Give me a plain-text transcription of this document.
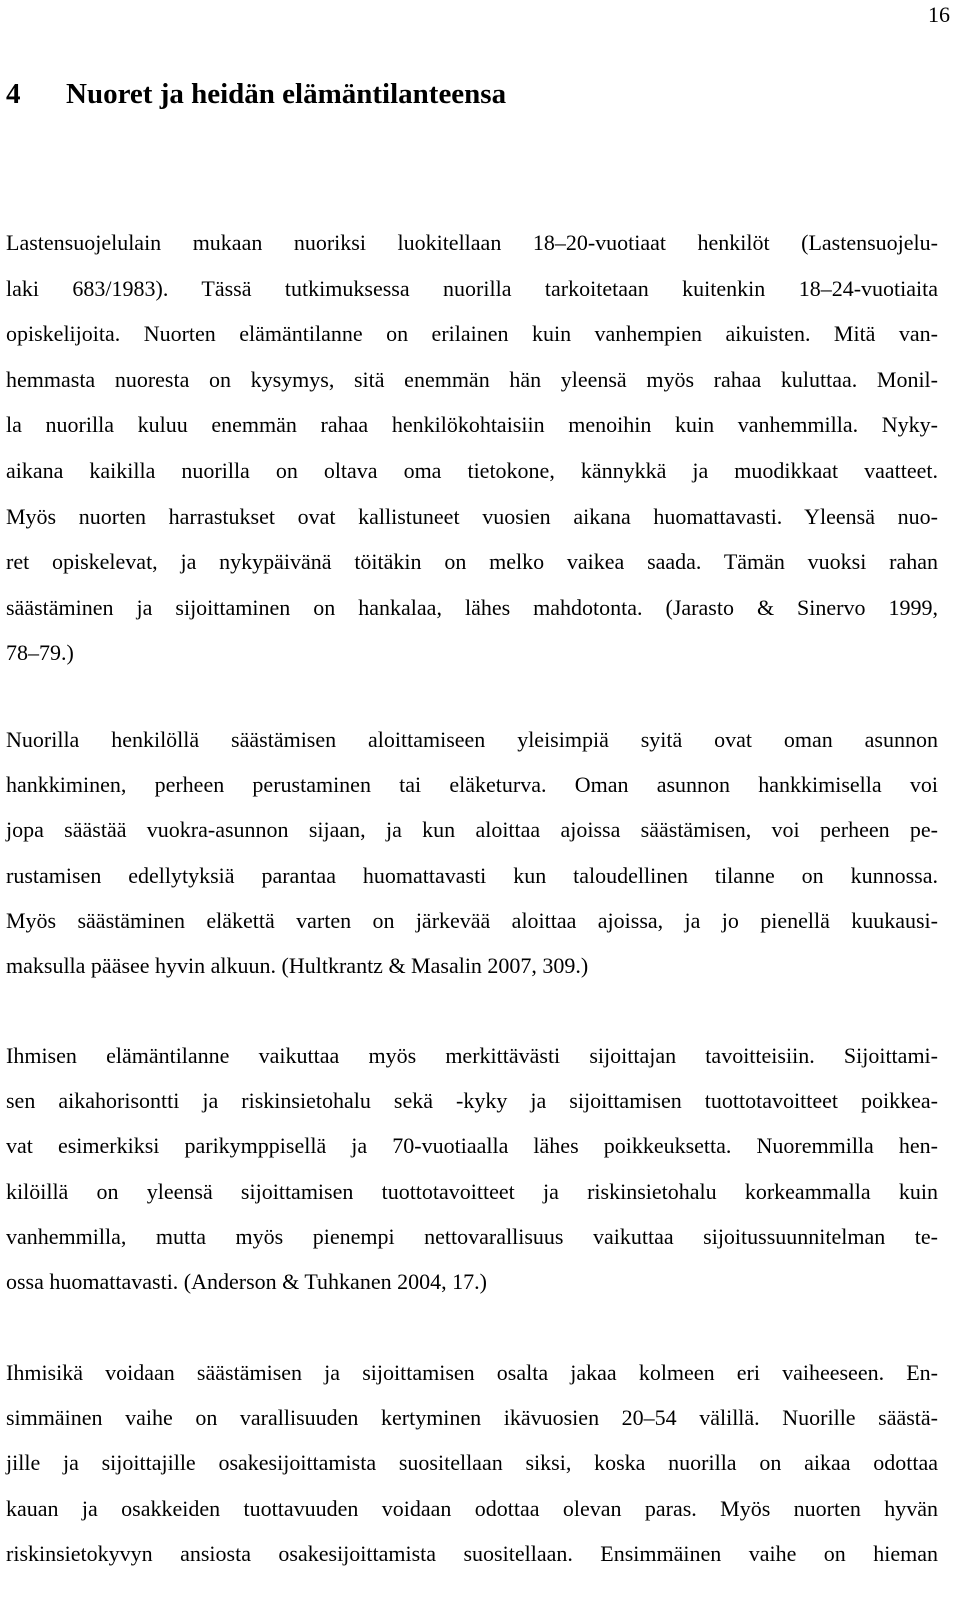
16
4 Nuoret ja heidän elämäntilanteensa
Lastensuojelulain mukaan nuoriksi luokitellaan 18–20-vuotiaat henkilöt (Lastensuojelu-
laki 683/1983). Tässä tutkimuksessa nuorilla tarkoitetaan kuitenkin 18–24-vuotiaita
opiskelijoita. Nuorten elämäntilanne on erilainen kuin vanhempien aikuisten. Mitä van-
hemmasta nuoresta on kysymys, sitä enemmän hän yleensä myös rahaa kuluttaa. Monil-
la nuorilla kuluu enemmän rahaa henkilökohtaisiin menoihin kuin vanhemmilla. Nyky-
aikana kaikilla nuorilla on oltava oma tietokone, kännykkä ja muodikkaat vaatteet.
Myös nuorten harrastukset ovat kallistuneet vuosien aikana huomattavasti. Yleensä nuo-
ret opiskelevat, ja nykypäivänä töitäkin on melko vaikea saada. Tämän vuoksi rahan
säästäminen ja sijoittaminen on hankalaa, lähes mahdotonta. (Jarasto & Sinervo 1999,
78–79.)
Nuorilla henkilöllä säästämisen aloittamiseen yleisimpiä syitä ovat oman asunnon
hankkiminen, perheen perustaminen tai eläketurva. Oman asunnon hankkimisella voi
jopa säästää vuokra-asunnon sijaan, ja kun aloittaa ajoissa säästämisen, voi perheen pe-
rustamisen edellytyksiä parantaa huomattavasti kun taloudellinen tilanne on kunnossa.
Myös säästäminen eläkettä varten on järkevää aloittaa ajoissa, ja jo pienellä kuukausi-
maksulla pääsee hyvin alkuun. (Hultkrantz & Masalin 2007, 309.)
Ihmisen elämäntilanne vaikuttaa myös merkittävästi sijoittajan tavoitteisiin. Sijoittami-
sen aikahorisontti ja riskinsietohalu sekä -kyky ja sijoittamisen tuottotavoitteet poikkea-
vat esimerkiksi parikymppisellä ja 70-vuotiaalla lähes poikkeuksetta. Nuoremmilla hen-
kilöillä on yleensä sijoittamisen tuottotavoitteet ja riskinsietohalu korkeammalla kuin
vanhemmilla, mutta myös pienempi nettovarallisuus vaikuttaa sijoitussuunnitelman te-
ossa huomattavasti. (Anderson & Tuhkanen 2004, 17.)
Ihmisikä voidaan säästämisen ja sijoittamisen osalta jakaa kolmeen eri vaiheeseen. En-
simmäinen vaihe on varallisuuden kertyminen ikävuosien 20–54 välillä. Nuorille säästä-
jille ja sijoittajille osakesijoittamista suositellaan siksi, koska nuorilla on aikaa odottaa
kauan ja osakkeiden tuottavuuden voidaan odottaa olevan paras. Myös nuorten hyvän
riskinsietokyvyn ansiosta osakesijoittamista suositellaan. Ensimmäinen vaihe on hieman
